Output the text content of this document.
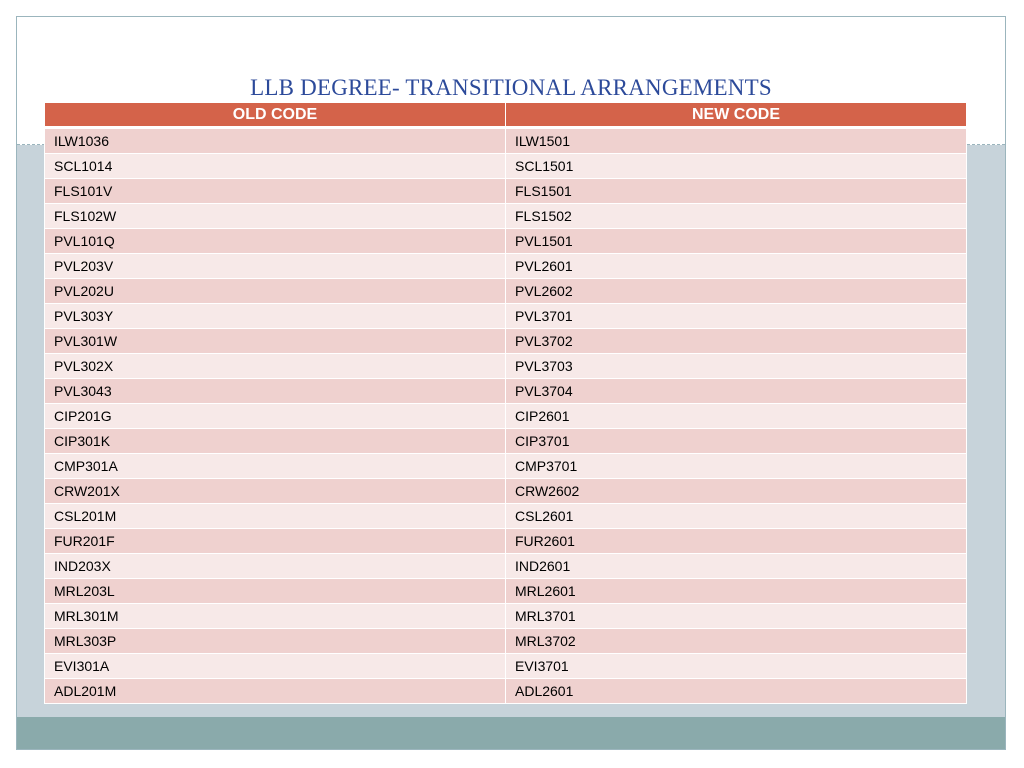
LLB DEGREE- TRANSITIONAL ARRANGEMENTS
OLD CODE	NEW CODE
ILW1036	ILW1501
SCL1014	SCL1501
FLS101V	FLS1501
FLS102W	FLS1502
PVL101Q	PVL1501
PVL203V	PVL2601
PVL202U	PVL2602
PVL303Y	PVL3701
PVL301W	PVL3702
PVL302X	PVL3703
PVL3043	PVL3704
CIP201G	CIP2601
CIP301K	CIP3701
CMP301A	CMP3701
CRW201X	CRW2602
CSL201M	CSL2601
FUR201F	FUR2601
IND203X	IND2601
MRL203L	MRL2601
MRL301M	MRL3701
MRL303P	MRL3702
EVI301A	EVI3701
ADL201M	ADL2601
